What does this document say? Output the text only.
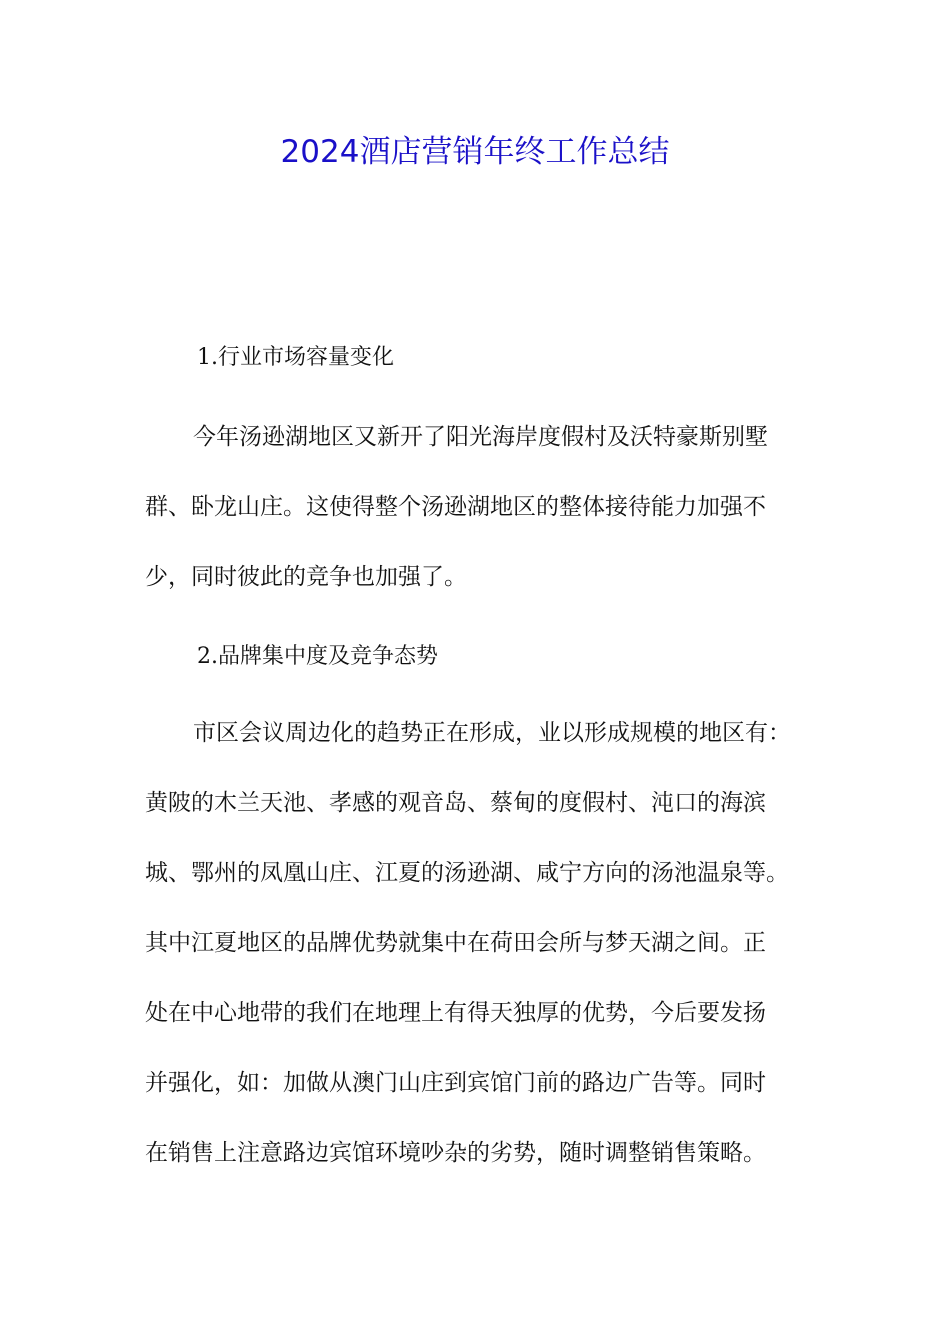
2024酒店营销年终工作总结
1.行业市场容量变化
今年汤逊湖地区又新开了阳光海岸度假村及沃特豪斯别墅
群、卧龙山庄。这使得整个汤逊湖地区的整体接待能力加强不
少，同时彼此的竞争也加强了。
2.品牌集中度及竞争态势
市区会议周边化的趋势正在形成，业以形成规模的地区有：
黄陂的木兰天池、孝感的观音岛、蔡甸的度假村、沌口的海滨
城、鄂州的凤凰山庄、江夏的汤逊湖、咸宁方向的汤池温泉等。
其中江夏地区的品牌优势就集中在荷田会所与梦天湖之间。正
处在中心地带的我们在地理上有得天独厚的优势，今后要发扬
并强化，如：加做从澳门山庄到宾馆门前的路边广告等。同时
在销售上注意路边宾馆环境吵杂的劣势，随时调整销售策略。
